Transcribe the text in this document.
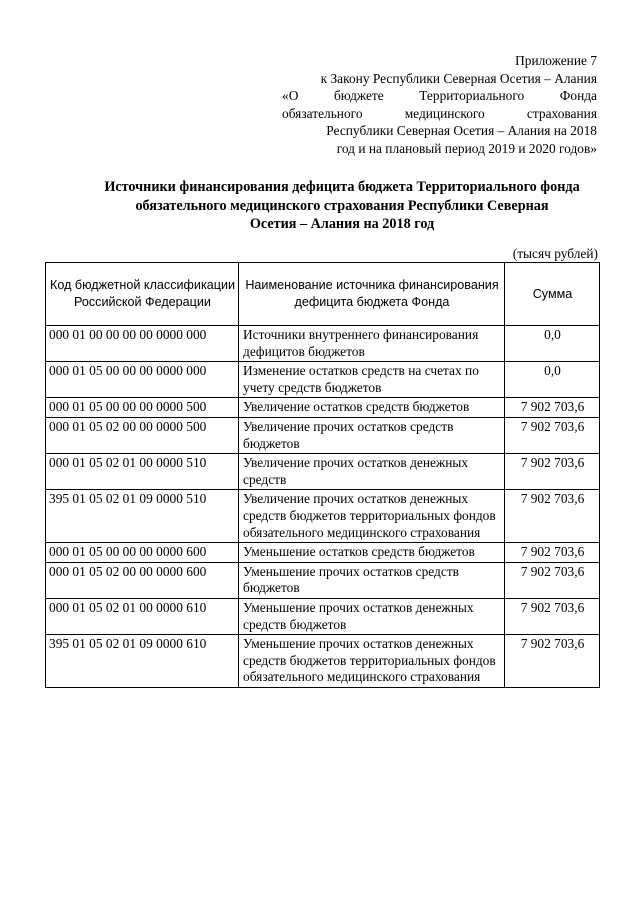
Приложение 7
к Закону Республики Северная Осетия – Алания
«О	бюджете	Территориального	Фонда
обязательного	медицинского	страхования
Республики Северная Осетия – Алания на 2018
год и на плановый период 2019 и 2020 годов»
Источники финансирования дефицита бюджета Территориального фонда
обязательного медицинского страхования Республики Северная
Осетия – Алания на 2018 год
(тысяч рублей)
Код бюджетной классификации Российской Федерации	Наименование источника финансирования дефицита бюджета Фонда	Сумма
000 01 00 00 00 00 0000 000	Источники внутреннего финансирования дефицитов бюджетов	0,0
000 01 05 00 00 00 0000 000	Изменение остатков средств на счетах по учету средств бюджетов	0,0
000 01 05 00 00 00 0000 500	Увеличение остатков средств бюджетов	7 902 703,6
000 01 05 02 00 00 0000 500	Увеличение прочих остатков средств бюджетов	7 902 703,6
000 01 05 02 01 00 0000 510	Увеличение прочих остатков денежных средств	7 902 703,6
395 01 05 02 01 09 0000 510	Увеличение прочих остатков денежных средств бюджетов территориальных фондов обязательного медицинского страхования	7 902 703,6
000 01 05 00 00 00 0000 600	Уменьшение остатков средств бюджетов	7 902 703,6
000 01 05 02 00 00 0000 600	Уменьшение прочих остатков средств бюджетов	7 902 703,6
000 01 05 02 01 00 0000 610	Уменьшение прочих остатков денежных средств бюджетов	7 902 703,6
395 01 05 02 01 09 0000 610	Уменьшение прочих остатков денежных средств бюджетов территориальных фондов обязательного медицинского страхования	7 902 703,6
